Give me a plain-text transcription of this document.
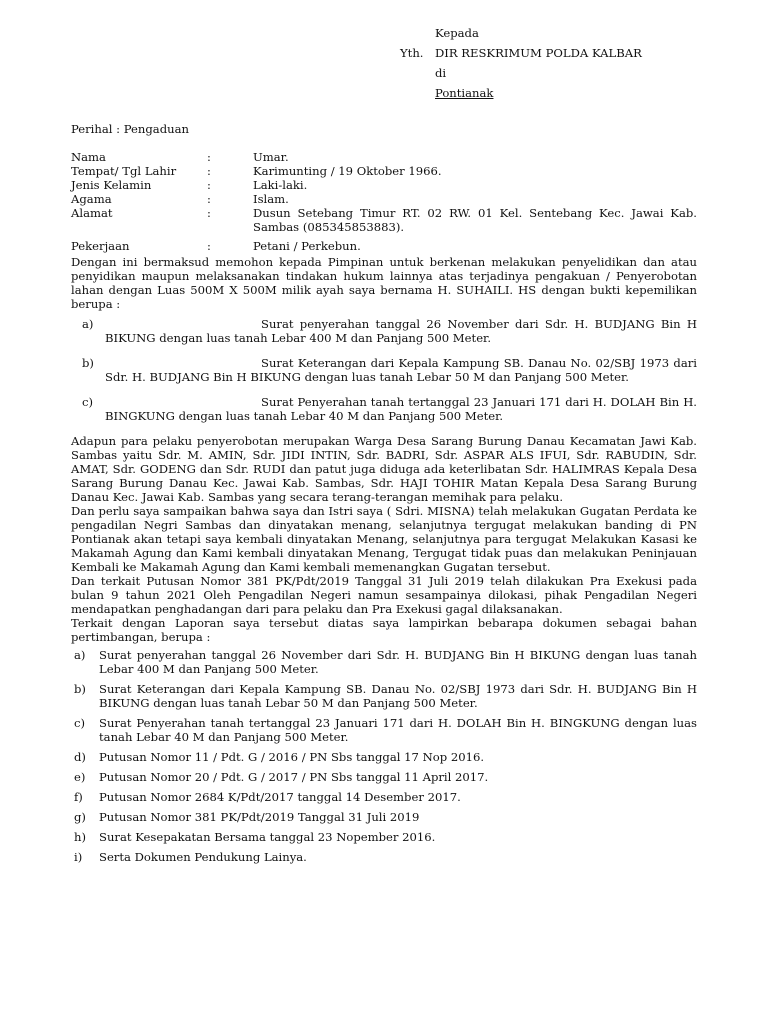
Kepada
Yth. DIR RESKRIMUM POLDA KALBAR
di
Pontianak
Perihal : Pengaduan
Nama	:	Umar.
Tempat/ Tgl Lahir	:	Karimunting / 19 Oktober 1966.
Jenis Kelamin	:	Laki-laki.
Agama	:	Islam.
Alamat	:	Dusun Setebang Timur RT. 02 RW. 01 Kel. Sentebang Kec. Jawai Kab. Sambas (085345853883).
Pekerjaan	:	Petani / Perkebun.

Dengan ini bermaksud memohon kepada Pimpinan untuk berkenan melakukan penyelidikan dan atau penyidikan maupun melaksanakan tindakan hukum lainnya atas terjadinya pengakuan / Penyerobotan lahan dengan Luas 500M X 500M milik ayah saya bernama H. SUHAILI. HS dengan bukti kepemilikan berupa :

a)	Surat penyerahan tanggal 26 November dari Sdr. H. BUDJANG Bin H BIKUNG dengan luas tanah Lebar 400 M dan Panjang 500 Meter.
b)	Surat Keterangan dari Kepala Kampung SB. Danau No. 02/SBJ 1973 dari Sdr. H. BUDJANG Bin H BIKUNG dengan luas tanah Lebar 50 M dan Panjang 500 Meter.
c)	Surat Penyerahan tanah tertanggal 23 Januari 171 dari H. DOLAH Bin H. BINGKUNG dengan luas tanah Lebar 40 M dan Panjang 500 Meter.

Adapun para pelaku penyerobotan merupakan Warga Desa Sarang Burung Danau Kecamatan Jawi Kab. Sambas yaitu Sdr. M. AMIN, Sdr. JIDI INTIN, Sdr. BADRI, Sdr. ASPAR ALS IFUI, Sdr. RABUDIN, Sdr. AMAT, Sdr. GODENG dan Sdr. RUDI dan patut juga diduga ada keterlibatan Sdr. HALIMRAS Kepala Desa Sarang Burung Danau Kec. Jawai Kab. Sambas, Sdr. HAJI TOHIR Matan Kepala Desa Sarang Burung Danau Kec. Jawai Kab. Sambas yang secara terang-terangan memihak para pelaku.

Dan perlu saya sampaikan bahwa saya dan Istri saya ( Sdri. MISNA) telah melakukan Gugatan Perdata ke pengadilan Negri Sambas dan dinyatakan menang, selanjutnya tergugat melakukan banding di PN Pontianak akan tetapi saya kembali dinyatakan Menang, selanjutnya para tergugat Melakukan Kasasi ke Makamah Agung dan Kami kembali dinyatakan Menang, Tergugat tidak puas dan melakukan Peninjauan Kembali ke Makamah Agung dan Kami kembali memenangkan Gugatan tersebut.

Dan terkait Putusan Nomor 381 PK/Pdt/2019 Tanggal 31 Juli 2019 telah dilakukan Pra Exekusi pada bulan 9 tahun 2021 Oleh Pengadilan Negeri namun sesampainya dilokasi, pihak Pengadilan Negeri mendapatkan penghadangan dari para pelaku dan Pra Exekusi gagal dilaksanakan.

Terkait dengan Laporan saya tersebut diatas saya lampirkan bebarapa dokumen sebagai bahan pertimbangan, berupa :

a)	Surat penyerahan tanggal 26 November dari Sdr. H. BUDJANG Bin H BIKUNG dengan luas tanah Lebar 400 M dan Panjang 500 Meter.
b)	Surat Keterangan dari Kepala Kampung SB. Danau No. 02/SBJ 1973 dari Sdr. H. BUDJANG Bin H BIKUNG dengan luas tanah Lebar 50 M dan Panjang 500 Meter.
c)	Surat Penyerahan tanah tertanggal 23 Januari 171 dari H. DOLAH Bin H. BINGKUNG dengan luas tanah Lebar 40 M dan Panjang 500 Meter.
d)	Putusan Nomor 11 / Pdt. G / 2016 / PN Sbs tanggal 17 Nop 2016.
e)	Putusan Nomor 20 / Pdt. G / 2017 / PN Sbs tanggal 11 April 2017.
f)	Putusan Nomor 2684 K/Pdt/2017 tanggal 14 Desember 2017.
g)	Putusan Nomor 381 PK/Pdt/2019 Tanggal 31 Juli 2019
h)	Surat Kesepakatan Bersama tanggal 23 Nopember 2016.
i)	Serta Dokumen Pendukung Lainya.
